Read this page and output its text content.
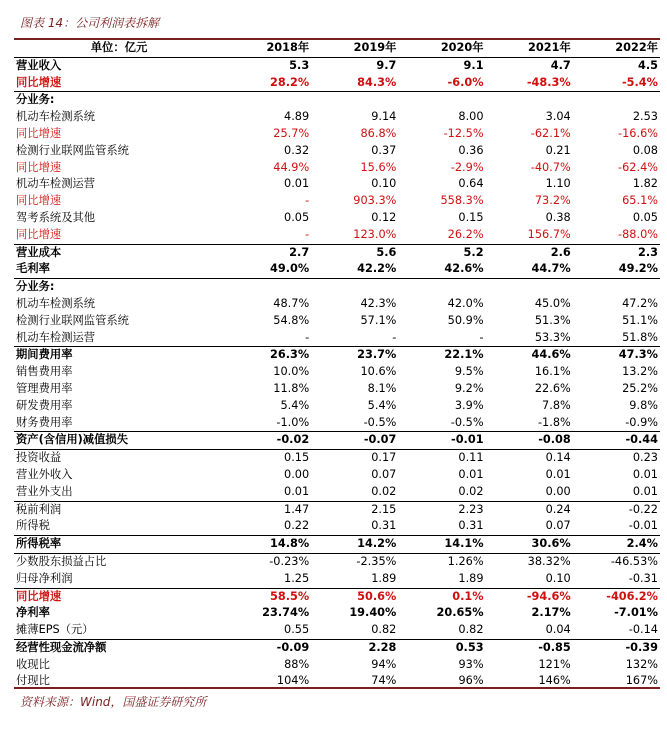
图表 14：公司利润表拆解
单位：亿元	2018年	2019年	2020年	2021年	2022年
营业收入	5.3	9.7	9.1	4.7	4.5
同比增速	28.2%	84.3%	-6.0%	-48.3%	-5.4%
分业务:					
机动车检测系统	4.89	9.14	8.00	3.04	2.53
同比增速	25.7%	86.8%	-12.5%	-62.1%	-16.6%
检测行业联网监管系统	0.32	0.37	0.36	0.21	0.08
同比增速	44.9%	15.6%	-2.9%	-40.7%	-62.4%
机动车检测运营	0.01	0.10	0.64	1.10	1.82
同比增速	-	903.3%	558.3%	73.2%	65.1%
驾考系统及其他	0.05	0.12	0.15	0.38	0.05
同比增速	-	123.0%	26.2%	156.7%	-88.0%
营业成本	2.7	5.6	5.2	2.6	2.3
毛利率	49.0%	42.2%	42.6%	44.7%	49.2%
分业务:					
机动车检测系统	48.7%	42.3%	42.0%	45.0%	47.2%
检测行业联网监管系统	54.8%	57.1%	50.9%	51.3%	51.1%
机动车检测运营	-	-	-	53.3%	51.8%
期间费用率	26.3%	23.7%	22.1%	44.6%	47.3%
销售费用率	10.0%	10.6%	9.5%	16.1%	13.2%
管理费用率	11.8%	8.1%	9.2%	22.6%	25.2%
研发费用率	5.4%	5.4%	3.9%	7.8%	9.8%
财务费用率	-1.0%	-0.5%	-0.5%	-1.8%	-0.9%
资产(含信用)减值损失	-0.02	-0.07	-0.01	-0.08	-0.44
投资收益	0.15	0.17	0.11	0.14	0.23
营业外收入	0.00	0.07	0.01	0.01	0.01
营业外支出	0.01	0.02	0.02	0.00	0.01
税前利润	1.47	2.15	2.23	0.24	-0.22
所得税	0.22	0.31	0.31	0.07	-0.01
所得税率	14.8%	14.2%	14.1%	30.6%	2.4%
少数股东损益占比	-0.23%	-2.35%	1.26%	38.32%	-46.53%
归母净利润	1.25	1.89	1.89	0.10	-0.31
同比增速	58.5%	50.6%	0.1%	-94.6%	-406.2%
净利率	23.74%	19.40%	20.65%	2.17%	-7.01%
摊薄EPS（元）	0.55	0.82	0.82	0.04	-0.14
经营性现金流净额	-0.09	2.28	0.53	-0.85	-0.39
收现比	88%	94%	93%	121%	132%
付现比	104%	74%	96%	146%	167%
资料来源：Wind，国盛证券研究所
